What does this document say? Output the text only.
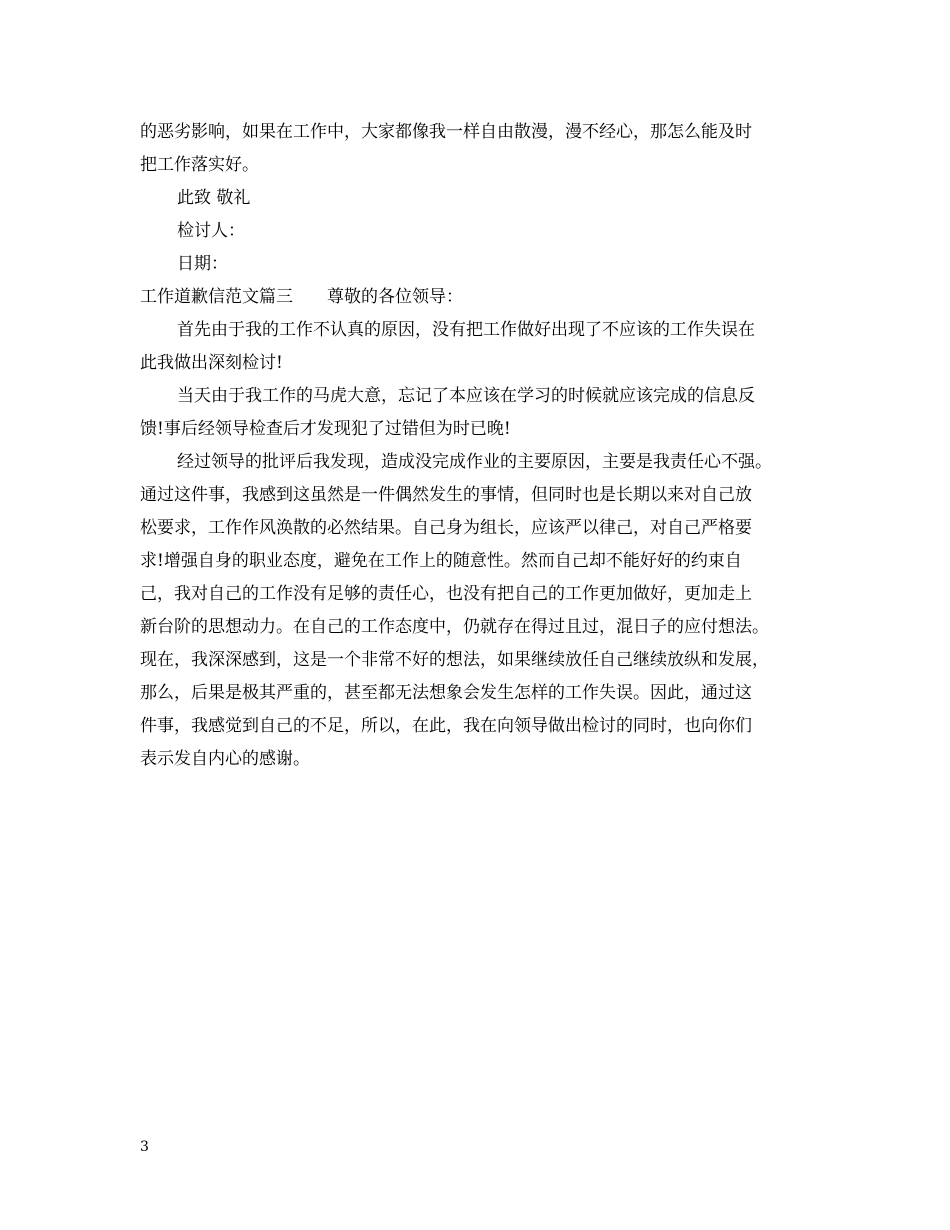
的恶劣影响，如果在工作中，大家都像我一样自由散漫，漫不经心，那怎么能及时
把工作落实好。
此致 敬礼
检讨人：
日期：
工作道歉信范文篇三 尊敬的各位领导：
首先由于我的工作不认真的原因，没有把工作做好出现了不应该的工作失误在
此我做出深刻检讨!
当天由于我工作的马虎大意，忘记了本应该在学习的时候就应该完成的信息反
馈!事后经领导检查后才发现犯了过错但为时已晚!
经过领导的批评后我发现，造成没完成作业的主要原因，主要是我责任心不强。
通过这件事，我感到这虽然是一件偶然发生的事情，但同时也是长期以来对自己放
松要求，工作作风涣散的必然结果。自己身为组长，应该严以律己，对自己严格要
求!增强自身的职业态度，避免在工作上的随意性。然而自己却不能好好的约束自
己，我对自己的工作没有足够的责任心，也没有把自己的工作更加做好，更加走上
新台阶的思想动力。在自己的工作态度中，仍就存在得过且过，混日子的应付想法。
现在，我深深感到，这是一个非常不好的想法，如果继续放任自己继续放纵和发展，
那么，后果是极其严重的，甚至都无法想象会发生怎样的工作失误。因此，通过这
件事，我感觉到自己的不足，所以，在此，我在向领导做出检讨的同时，也向你们
表示发自内心的感谢。
3
